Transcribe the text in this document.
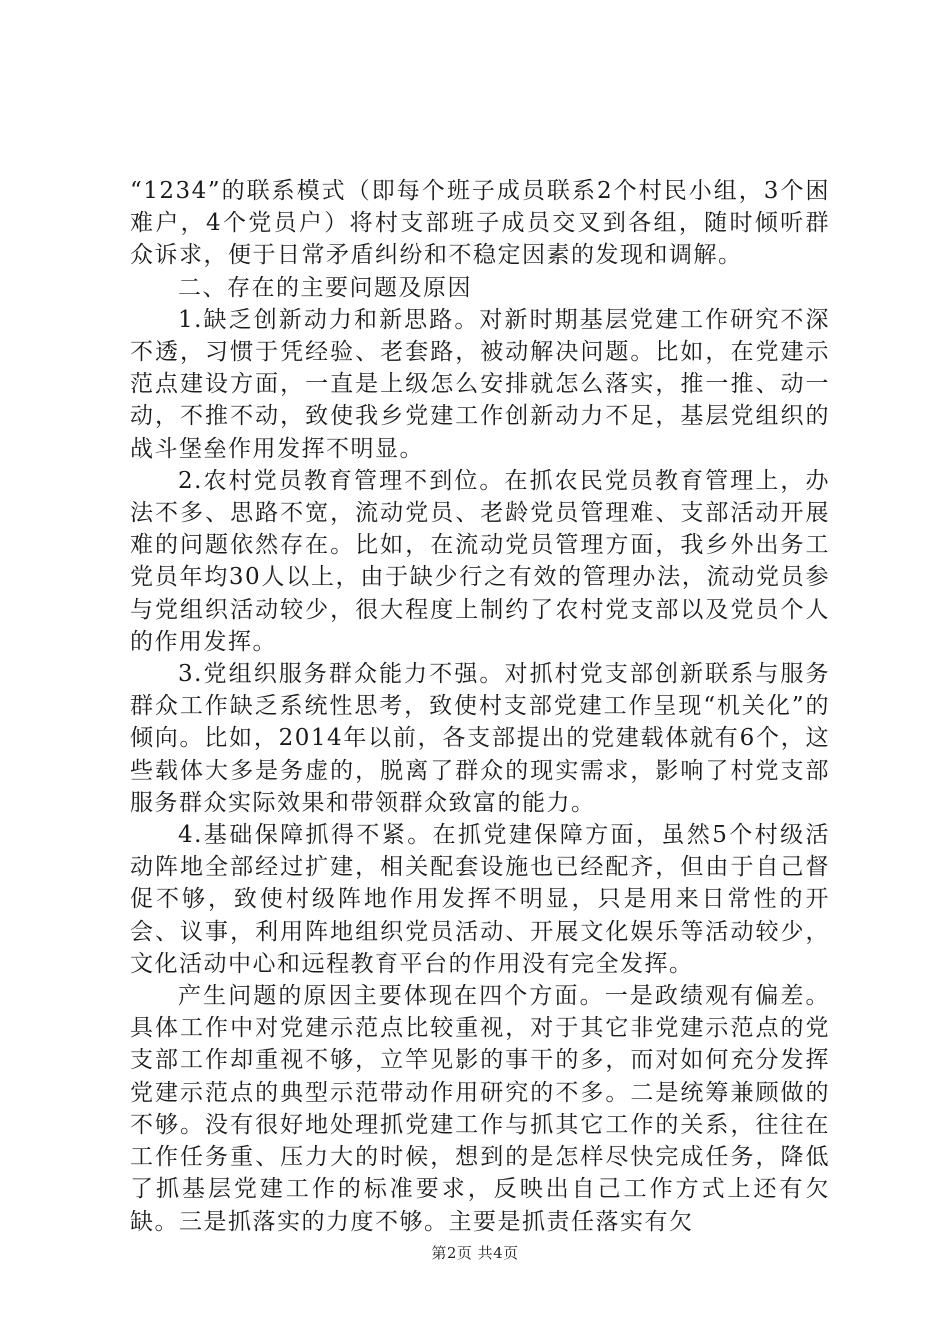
“1234”的联系模式（即每个班子成员联系2个村民小组，3个困难户，4个党员户）将村支部班子成员交叉到各组，随时倾听群众诉求，便于日常矛盾纠纷和不稳定因素的发现和调解。

二、存在的主要问题及原因

1.缺乏创新动力和新思路。对新时期基层党建工作研究不深不透，习惯于凭经验、老套路，被动解决问题。比如，在党建示范点建设方面，一直是上级怎么安排就怎么落实，推一推、动一动，不推不动，致使我乡党建工作创新动力不足，基层党组织的战斗堡垒作用发挥不明显。

2.农村党员教育管理不到位。在抓农民党员教育管理上，办法不多、思路不宽，流动党员、老龄党员管理难、支部活动开展难的问题依然存在。比如，在流动党员管理方面，我乡外出务工党员年均30人以上，由于缺少行之有效的管理办法，流动党员参与党组织活动较少，很大程度上制约了农村党支部以及党员个人的作用发挥。

3.党组织服务群众能力不强。对抓村党支部创新联系与服务群众工作缺乏系统性思考，致使村支部党建工作呈现“机关化”的倾向。比如，2014年以前，各支部提出的党建载体就有6个，这些载体大多是务虚的，脱离了群众的现实需求，影响了村党支部服务群众实际效果和带领群众致富的能力。

4.基础保障抓得不紧。在抓党建保障方面，虽然5个村级活动阵地全部经过扩建，相关配套设施也已经配齐，但由于自己督促不够，致使村级阵地作用发挥不明显，只是用来日常性的开会、议事，利用阵地组织党员活动、开展文化娱乐等活动较少，文化活动中心和远程教育平台的作用没有完全发挥。

产生问题的原因主要体现在四个方面。一是政绩观有偏差。具体工作中对党建示范点比较重视，对于其它非党建示范点的党支部工作却重视不够，立竿见影的事干的多，而对如何充分发挥党建示范点的典型示范带动作用研究的不多。二是统筹兼顾做的不够。没有很好地处理抓党建工作与抓其它工作的关系，往往在工作任务重、压力大的时候，想到的是怎样尽快完成任务，降低了抓基层党建工作的标准要求，反映出自己工作方式上还有欠缺。三是抓落实的力度不够。主要是抓责任落实有欠

第2页 共4页
